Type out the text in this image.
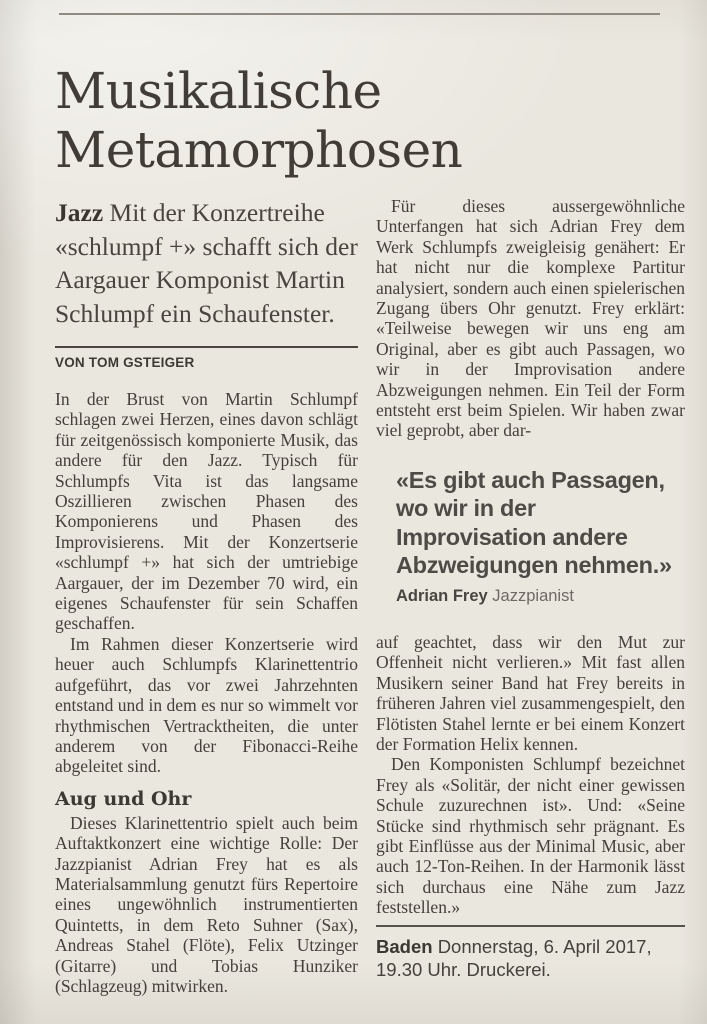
Musikalische Metamorphosen

Jazz Mit der Konzertreihe «schlumpf +» schafft sich der Aargauer Komponist Martin Schlumpf ein Schaufenster.

VON TOM GSTEIGER

In der Brust von Martin Schlumpf schlagen zwei Herzen, eines davon schlägt für zeitgenössisch komponierte Musik, das andere für den Jazz. Typisch für Schlumpfs Vita ist das langsame Oszillieren zwischen Phasen des Komponierens und Phasen des Improvisierens. Mit der Konzertserie «schlumpf +» hat sich der umtriebige Aargauer, der im Dezember 70 wird, ein eigenes Schaufenster für sein Schaffen geschaffen.

Im Rahmen dieser Konzertserie wird heuer auch Schlumpfs Klarinettentrio aufgeführt, das vor zwei Jahrzehnten entstand und in dem es nur so wimmelt vor rhythmischen Vertracktheiten, die unter anderem von der Fibonacci-Reihe abgeleitet sind.

Aug und Ohr

Dieses Klarinettentrio spielt auch beim Auftaktkonzert eine wichtige Rolle: Der Jazzpianist Adrian Frey hat es als Materialsammlung genutzt fürs Repertoire eines ungewöhnlich instrumentierten Quintetts, in dem Reto Suhner (Sax), Andreas Stahel (Flöte), Felix Utzinger (Gitarre) und Tobias Hunziker (Schlagzeug) mitwirken.

Für dieses aussergewöhnliche Unterfangen hat sich Adrian Frey dem Werk Schlumpfs zweigleisig genähert: Er hat nicht nur die komplexe Partitur analysiert, sondern auch einen spielerischen Zugang übers Ohr genutzt. Frey erklärt: «Teilweise bewegen wir uns eng am Original, aber es gibt auch Passagen, wo wir in der Improvisation andere Abzweigungen nehmen. Ein Teil der Form entsteht erst beim Spielen. Wir haben zwar viel geprobt, aber dar-

«Es gibt auch Passagen, wo wir in der Improvisation andere Abzweigungen nehmen.»
Adrian Frey Jazzpianist

auf geachtet, dass wir den Mut zur Offenheit nicht verlieren.» Mit fast allen Musikern seiner Band hat Frey bereits in früheren Jahren viel zusammengespielt, den Flötisten Stahel lernte er bei einem Konzert der Formation Helix kennen.

Den Komponisten Schlumpf bezeichnet Frey als «Solitär, der nicht einer gewissen Schule zuzurechnen ist». Und: «Seine Stücke sind rhythmisch sehr prägnant. Es gibt Einflüsse aus der Minimal Music, aber auch 12-Ton-Reihen. In der Harmonik lässt sich durchaus eine Nähe zum Jazz feststellen.»

Baden Donnerstag, 6. April 2017, 19.30 Uhr. Druckerei.
